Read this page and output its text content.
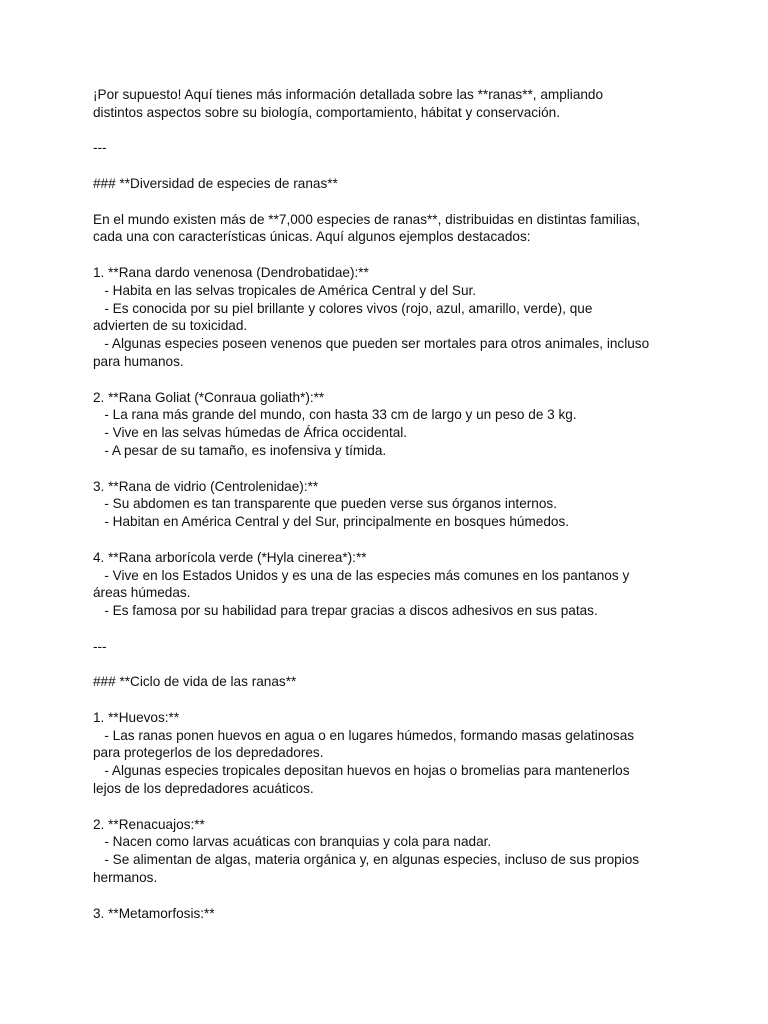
¡Por supuesto! Aquí tienes más información detallada sobre las **ranas**, ampliando
distintos aspectos sobre su biología, comportamiento, hábitat y conservación.
---
### **Diversidad de especies de ranas**
En el mundo existen más de **7,000 especies de ranas**, distribuidas en distintas familias,
cada una con características únicas. Aquí algunos ejemplos destacados:
1. **Rana dardo venenosa (Dendrobatidae):**
- Habita en las selvas tropicales de América Central y del Sur.
- Es conocida por su piel brillante y colores vivos (rojo, azul, amarillo, verde), que
advierten de su toxicidad.
- Algunas especies poseen venenos que pueden ser mortales para otros animales, incluso
para humanos.
2. **Rana Goliat (*Conraua goliath*):**
- La rana más grande del mundo, con hasta 33 cm de largo y un peso de 3 kg.
- Vive en las selvas húmedas de África occidental.
- A pesar de su tamaño, es inofensiva y tímida.
3. **Rana de vidrio (Centrolenidae):**
- Su abdomen es tan transparente que pueden verse sus órganos internos.
- Habitan en América Central y del Sur, principalmente en bosques húmedos.
4. **Rana arborícola verde (*Hyla cinerea*):**
- Vive en los Estados Unidos y es una de las especies más comunes en los pantanos y
áreas húmedas.
- Es famosa por su habilidad para trepar gracias a discos adhesivos en sus patas.
---
### **Ciclo de vida de las ranas**
1. **Huevos:**
- Las ranas ponen huevos en agua o en lugares húmedos, formando masas gelatinosas
para protegerlos de los depredadores.
- Algunas especies tropicales depositan huevos en hojas o bromelias para mantenerlos
lejos de los depredadores acuáticos.
2. **Renacuajos:**
- Nacen como larvas acuáticas con branquias y cola para nadar.
- Se alimentan de algas, materia orgánica y, en algunas especies, incluso de sus propios
hermanos.
3. **Metamorfosis:**
